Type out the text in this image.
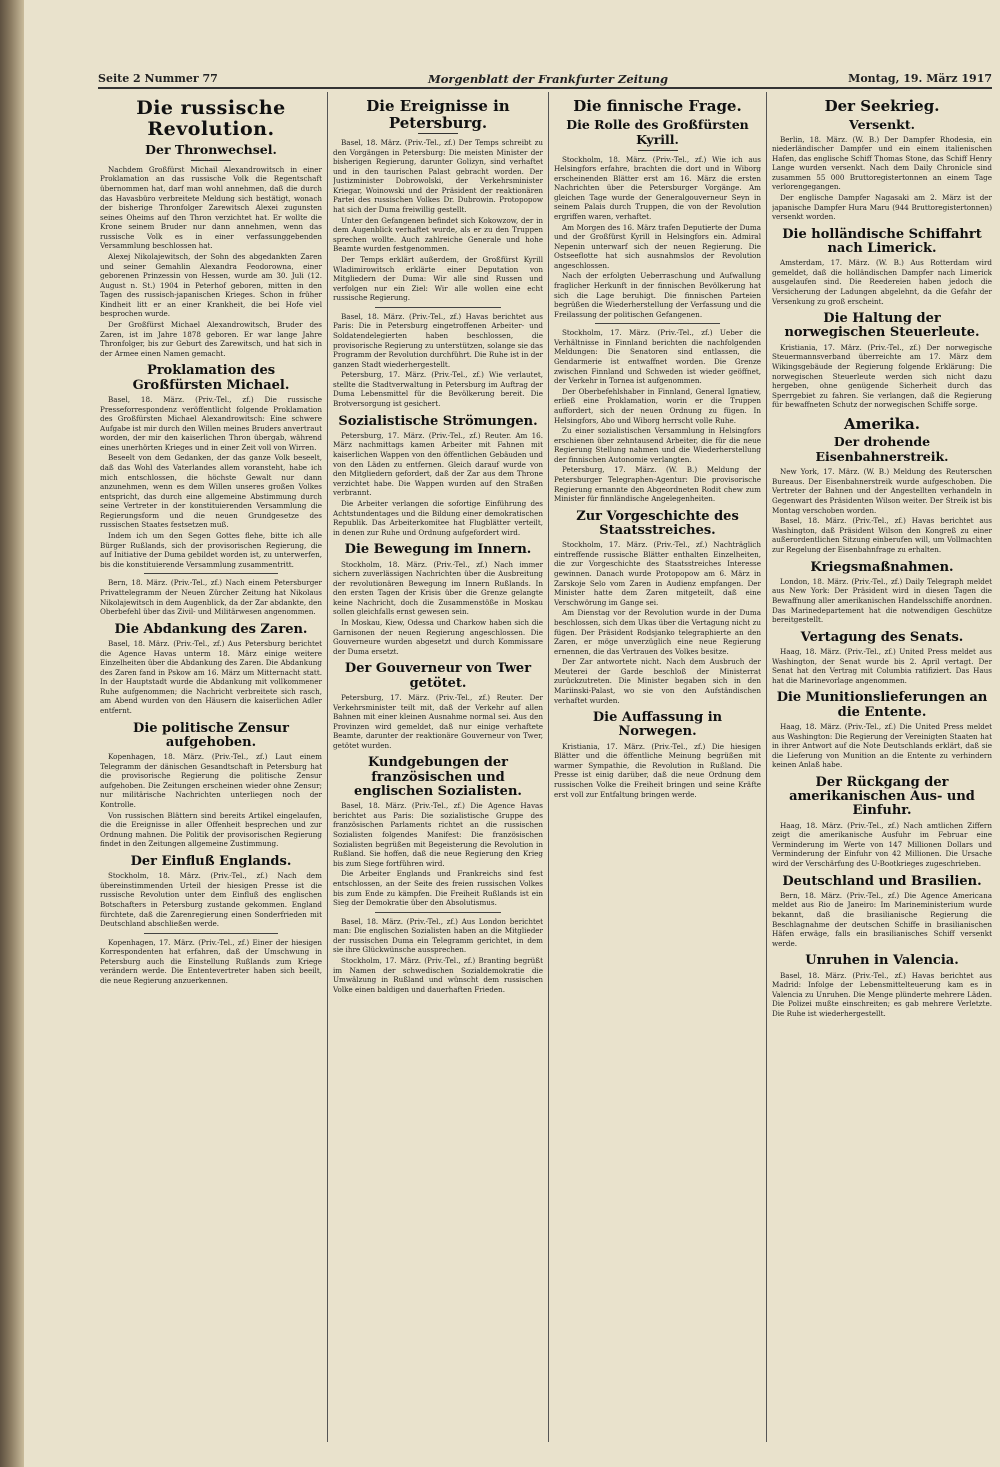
Seite 2 Nummer 77	Morgenblatt der Frankfurter Zeitung	Montag, 19. März 1917
Die russische Revolution.
Der Thronwechsel.

Nachdem Großfürst Michail Alexandrowitsch in einer Proklamation an das russische Volk die Regentschaft übernommen hat, darf man wohl annehmen, daß die durch das Havasbüro verbreitete Meldung sich bestätigt, wonach der bisherige Thronfolger Zarewitsch Alexei zugunsten seines Oheims auf den Thron verzichtet hat. Er wollte die Krone seinem Bruder nur dann annehmen, wenn das russische Volk es in einer verfassunggebenden Versammlung beschlossen hat.

Alexej Nikolajewitsch, der Sohn des abgedankten Zaren und seiner Gemahlin Alexandra Feodorowna, einer geborenen Prinzessin von Hessen, wurde am 30. Juli (12. August n. St.) 1904 in Peterhof geboren, mitten in den Tagen des russisch-japanischen Krieges. Schon in früher Kindheit litt er an einer Krankheit, die bei Hofe viel besprochen wurde.

Der Großfürst Michael Alexandrowitsch, Bruder des Zaren, ist im Jahre 1878 geboren. Er war lange Jahre Thronfolger, bis zur Geburt des Zarewitsch, und hat sich in der Armee einen Namen gemacht.

Proklamation des Großfürsten Michael.

Basel, 18. März. (Priv.-Tel., zf.) Die russische Presseforrespondenz veröffentlicht folgende Proklamation des Großfürsten Michael Alexandrowitsch: Eine schwere Aufgabe ist mir durch den Willen meines Bruders anvertraut worden, der mir den kaiserlichen Thron übergab, während eines unerhörten Krieges und in einer Zeit voll von Wirren.

Beseelt von dem Gedanken, der das ganze Volk beseelt, daß das Wohl des Vaterlandes allem voransteht, habe ich mich entschlossen, die höchste Gewalt nur dann anzunehmen, wenn es dem Willen unseres großen Volkes entspricht, das durch eine allgemeine Abstimmung durch seine Vertreter in der konstituierenden Versammlung die Regierungsform und die neuen Grundgesetze des russischen Staates festsetzen muß.

Indem ich um den Segen Gottes flehe, bitte ich alle Bürger Rußlands, sich der provisorischen Regierung, die auf Initiative der Duma gebildet worden ist, zu unterwerfen, bis die konstituierende Versammlung zusammentritt.

Bern, 18. März. (Priv.-Tel., zf.) Nach einem Petersburger Privattelegramm der Neuen Zürcher Zeitung hat Nikolaus Nikolajewitsch in dem Augenblick, da der Zar abdankte, den Oberbefehl über das Zivil- und Militärwesen angenommen.

Die Abdankung des Zaren.

Basel, 18. März. (Priv.-Tel., zf.) Aus Petersburg berichtet die Agence Havas unterm 18. März einige weitere Einzelheiten über die Abdankung des Zaren. Die Abdankung des Zaren fand in Pskow am 16. März um Mitternacht statt. In der Hauptstadt wurde die Abdankung mit vollkommener Ruhe aufgenommen; die Nachricht verbreitete sich rasch, am Abend wurden von den Häusern die kaiserlichen Adler entfernt.

Die politische Zensur aufgehoben.

Kopenhagen, 18. März. (Priv.-Tel., zf.) Laut einem Telegramm der dänischen Gesandtschaft in Petersburg hat die provisorische Regierung die politische Zensur aufgehoben. Die Zeitungen erscheinen wieder ohne Zensur; nur militärische Nachrichten unterliegen noch der Kontrolle.

Von russischen Blättern sind bereits Artikel eingelaufen, die die Ereignisse in aller Offenheit besprechen und zur Ordnung mahnen. Die Politik der provisorischen Regierung findet in den Zeitungen allgemeine Zustimmung.

Der Einfluß Englands.

Stockholm, 18. März. (Priv.-Tel., zf.) Nach dem übereinstimmenden Urteil der hiesigen Presse ist die russische Revolution unter dem Einfluß des englischen Botschafters in Petersburg zustande gekommen. England fürchtete, daß die Zarenregierung einen Sonderfrieden mit Deutschland abschließen werde.

Kopenhagen, 17. März. (Priv.-Tel., zf.) Einer der hiesigen Korrespondenten hat erfahren, daß der Umschwung in Petersburg auch die Einstellung Rußlands zum Kriege verändern werde. Die Ententevertreter haben sich beeilt, die neue Regierung anzuerkennen.

Die Ereignisse in Petersburg.

Basel, 18. März. (Priv.-Tel., zf.) Der Temps schreibt zu den Vorgängen in Petersburg: Die meisten Minister der bisherigen Regierung, darunter Golizyn, sind verhaftet und in den taurischen Palast gebracht worden. Der Justizminister Dobrowolski, der Verkehrsminister Kriegar, Woinowski und der Präsident der reaktionären Partei des russischen Volkes Dr. Dubrowin. Protopopow hat sich der Duma freiwillig gestellt.

Unter den Gefangenen befindet sich Kokowzow, der in dem Augenblick verhaftet wurde, als er zu den Truppen sprechen wollte. Auch zahlreiche Generale und hohe Beamte wurden festgenommen.

Der Temps erklärt außerdem, der Großfürst Kyrill Wladimirowitsch erklärte einer Deputation von Mitgliedern der Duma: Wir alle sind Russen und verfolgen nur ein Ziel: Wir alle wollen eine echt russische Regierung.

Basel, 18. März. (Priv.-Tel., zf.) Havas berichtet aus Paris: Die in Petersburg eingetroffenen Arbeiter- und Soldatendelegierten haben beschlossen, die provisorische Regierung zu unterstützen, solange sie das Programm der Revolution durchführt. Die Ruhe ist in der ganzen Stadt wiederhergestellt.

Petersburg, 17. März. (Priv.-Tel., zf.) Wie verlautet, stellte die Stadtverwaltung in Petersburg im Auftrag der Duma Lebensmittel für die Bevölkerung bereit. Die Brotversorgung ist gesichert.

Sozialistische Strömungen.

Petersburg, 17. März. (Priv.-Tel., zf.) Reuter. Am 16. März nachmittags kamen Arbeiter mit Fahnen mit kaiserlichen Wappen von den öffentlichen Gebäuden und von den Läden zu entfernen. Gleich darauf wurde von den Mitgliedern gefordert, daß der Zar aus dem Throne verzichtet habe. Die Wappen wurden auf den Straßen verbrannt.

Die Arbeiter verlangen die sofortige Einführung des Achtstundentages und die Bildung einer demokratischen Republik. Das Arbeiterkomitee hat Flugblätter verteilt, in denen zur Ruhe und Ordnung aufgefordert wird.

Die Bewegung im Innern.

Stockholm, 18. März. (Priv.-Tel., zf.) Nach immer sichern zuverlässigen Nachrichten über die Ausbreitung der revolutionären Bewegung im Innern Rußlands. In den ersten Tagen der Krisis über die Grenze gelangte keine Nachricht, doch die Zusammenstöße in Moskau sollen gleichfalls ernst gewesen sein.

In Moskau, Kiew, Odessa und Charkow haben sich die Garnisonen der neuen Regierung angeschlossen. Die Gouverneure wurden abgesetzt und durch Kommissare der Duma ersetzt.

Der Gouverneur von Twer getötet.

Petersburg, 17. März. (Priv.-Tel., zf.) Reuter. Der Verkehrsminister teilt mit, daß der Verkehr auf allen Bahnen mit einer kleinen Ausnahme normal sei. Aus den Provinzen wird gemeldet, daß nur einige verhaftete Beamte, darunter der reaktionäre Gouverneur von Twer, getötet wurden.

Kundgebungen der französischen und englischen Sozialisten.

Basel, 18. März. (Priv.-Tel., zf.) Die Agence Havas berichtet aus Paris: Die sozialistische Gruppe des französischen Parlaments richtet an die russischen Sozialisten folgendes Manifest: Die französischen Sozialisten begrüßen mit Begeisterung die Revolution in Rußland. Sie hoffen, daß die neue Regierung den Krieg bis zum Siege fortführen wird.

Die Arbeiter Englands und Frankreichs sind fest entschlossen, an der Seite des freien russischen Volkes bis zum Ende zu kämpfen. Die Freiheit Rußlands ist ein Sieg der Demokratie über den Absolutismus.

Basel, 18. März. (Priv.-Tel., zf.) Aus London berichtet man: Die englischen Sozialisten haben an die Mitglieder der russischen Duma ein Telegramm gerichtet, in dem sie ihre Glückwünsche aussprechen.

Stockholm, 17. März. (Priv.-Tel., zf.) Branting begrüßt im Namen der schwedischen Sozialdemokratie die Umwälzung in Rußland und wünscht dem russischen Volke einen baldigen und dauerhaften Frieden.

Die finnische Frage.
Die Rolle des Großfürsten Kyrill.

Stockholm, 18. März. (Priv.-Tel., zf.) Wie ich aus Helsingfors erfahre, brachten die dort und in Wiborg erscheinenden Blätter erst am 16. März die ersten Nachrichten über die Petersburger Vorgänge. Am gleichen Tage wurde der Generalgouverneur Seyn in seinem Palais durch Truppen, die von der Revolution ergriffen waren, verhaftet.

Am Morgen des 16. März trafen Deputierte der Duma und der Großfürst Kyrill in Helsingfors ein. Admiral Nepenin unterwarf sich der neuen Regierung. Die Ostseeflotte hat sich ausnahmslos der Revolution angeschlossen.

Nach der erfolgten Ueberraschung und Aufwallung fraglicher Herkunft in der finnischen Bevölkerung hat sich die Lage beruhigt. Die finnischen Parteien begrüßen die Wiederherstellung der Verfassung und die Freilassung der politischen Gefangenen.

Stockholm, 17. März. (Priv.-Tel., zf.) Ueber die Verhältnisse in Finnland berichten die nachfolgenden Meldungen: Die Senatoren sind entlassen, die Gendarmerie ist entwaffnet worden. Die Grenze zwischen Finnland und Schweden ist wieder geöffnet, der Verkehr in Tornea ist aufgenommen.

Der Oberbefehlshaber in Finnland, General Ignatiew, erließ eine Proklamation, worin er die Truppen auffordert, sich der neuen Ordnung zu fügen. In Helsingfors, Abo und Wiborg herrscht volle Ruhe.

Zu einer sozialistischen Versammlung in Helsingfors erschienen über zehntausend Arbeiter, die für die neue Regierung Stellung nahmen und die Wiederherstellung der finnischen Autonomie verlangten.

Petersburg, 17. März. (W. B.) Meldung der Petersburger Telegraphen-Agentur: Die provisorische Regierung ernannte den Abgeordneten Rodit chew zum Minister für finnländische Angelegenheiten.

Zur Vorgeschichte des Staatsstreiches.

Stockholm, 17. März. (Priv.-Tel., zf.) Nachträglich eintreffende russische Blätter enthalten Einzelheiten, die zur Vorgeschichte des Staatsstreiches Interesse gewinnen. Danach wurde Protopopow am 6. März in Zarskoje Selo vom Zaren in Audienz empfangen. Der Minister hatte dem Zaren mitgeteilt, daß eine Verschwörung im Gange sei.

Am Dienstag vor der Revolution wurde in der Duma beschlossen, sich dem Ukas über die Vertagung nicht zu fügen. Der Präsident Rodsjanko telegraphierte an den Zaren, er möge unverzüglich eine neue Regierung ernennen, die das Vertrauen des Volkes besitze.

Der Zar antwortete nicht. Nach dem Ausbruch der Meuterei der Garde beschloß der Ministerrat zurückzutreten. Die Minister begaben sich in den Mariinski-Palast, wo sie von den Aufständischen verhaftet wurden.

Die Auffassung in Norwegen.

Kristiania, 17. März. (Priv.-Tel., zf.) Die hiesigen Blätter und die öffentliche Meinung begrüßen mit warmer Sympathie, die Revolution in Rußland. Die Presse ist einig darüber, daß die neue Ordnung dem russischen Volke die Freiheit bringen und seine Kräfte erst voll zur Entfaltung bringen werde.

Der Seekrieg.
Versenkt.

Berlin, 18. März. (W. B.) Der Dampfer Rhodesia, ein niederländischer Dampfer und ein einem italienischen Hafen, das englische Schiff Thomas Stone, das Schiff Henry Lange wurden versenkt. Nach dem Daily Chronicle sind zusammen 55 000 Bruttoregistertonnen an einem Tage verlorengegangen.

Der englische Dampfer Nagasaki am 2. März ist der japanische Dampfer Hura Maru (944 Bruttoregistertonnen) versenkt worden.

Die holländische Schiffahrt nach Limerick.

Amsterdam, 17. März. (W. B.) Aus Rotterdam wird gemeldet, daß die holländischen Dampfer nach Limerick ausgelaufen sind. Die Reedereien haben jedoch die Versicherung der Ladungen abgelehnt, da die Gefahr der Versenkung zu groß erscheint.

Die Haltung der norwegischen Steuerleute.

Kristiania, 17. März. (Priv.-Tel., zf.) Der norwegische Steuermannsverband überreichte am 17. März dem Wikingsgebäude der Regierung folgende Erklärung: Die norwegischen Steuerleute werden sich nicht dazu hergeben, ohne genügende Sicherheit durch das Sperrgebiet zu fahren. Sie verlangen, daß die Regierung für bewaffneten Schutz der norwegischen Schiffe sorge.

Amerika.
Der drohende Eisenbahnerstreik.

New York, 17. März. (W. B.) Meldung des Reuterschen Bureaus. Der Eisenbahnerstreik wurde aufgeschoben. Die Vertreter der Bahnen und der Angestellten verhandeln in Gegenwart des Präsidenten Wilson weiter. Der Streik ist bis Montag verschoben worden.

Basel, 18. März. (Priv.-Tel., zf.) Havas berichtet aus Washington, daß Präsident Wilson den Kongreß zu einer außerordentlichen Sitzung einberufen will, um Vollmachten zur Regelung der Eisenbahnfrage zu erhalten.

Kriegsmaßnahmen.

London, 18. März. (Priv.-Tel., zf.) Daily Telegraph meldet aus New York: Der Präsident wird in diesen Tagen die Bewaffnung aller amerikanischen Handelsschiffe anordnen. Das Marinedepartement hat die notwendigen Geschütze bereitgestellt.

Vertagung des Senats.

Haag, 18. März. (Priv.-Tel., zf.) United Press meldet aus Washington, der Senat wurde bis 2. April vertagt. Der Senat hat den Vertrag mit Columbia ratifiziert. Das Haus hat die Marinevorlage angenommen.

Die Munitionslieferungen an die Entente.

Haag, 18. März. (Priv.-Tel., zf.) Die United Press meldet aus Washington: Die Regierung der Vereinigten Staaten hat in ihrer Antwort auf die Note Deutschlands erklärt, daß sie die Lieferung von Munition an die Entente zu verhindern keinen Anlaß habe.

Der Rückgang der amerikanischen Aus- und Einfuhr.

Haag, 18. März. (Priv.-Tel., zf.) Nach amtlichen Ziffern zeigt die amerikanische Ausfuhr im Februar eine Verminderung im Werte von 147 Millionen Dollars und Verminderung der Einfuhr von 42 Millionen. Die Ursache wird der Verschärfung des U-Bootkrieges zugeschrieben.

Deutschland und Brasilien.

Bern, 18. März. (Priv.-Tel., zf.) Die Agence Americana meldet aus Rio de Janeiro: Im Marineministerium wurde bekannt, daß die brasilianische Regierung die Beschlagnahme der deutschen Schiffe in brasilianischen Häfen erwäge, falls ein brasilianisches Schiff versenkt werde.

Unruhen in Valencia.

Basel, 18. März. (Priv.-Tel., zf.) Havas berichtet aus Madrid: Infolge der Lebensmittelteuerung kam es in Valencia zu Unruhen. Die Menge plünderte mehrere Läden. Die Polizei mußte einschreiten; es gab mehrere Verletzte. Die Ruhe ist wiederhergestellt.
